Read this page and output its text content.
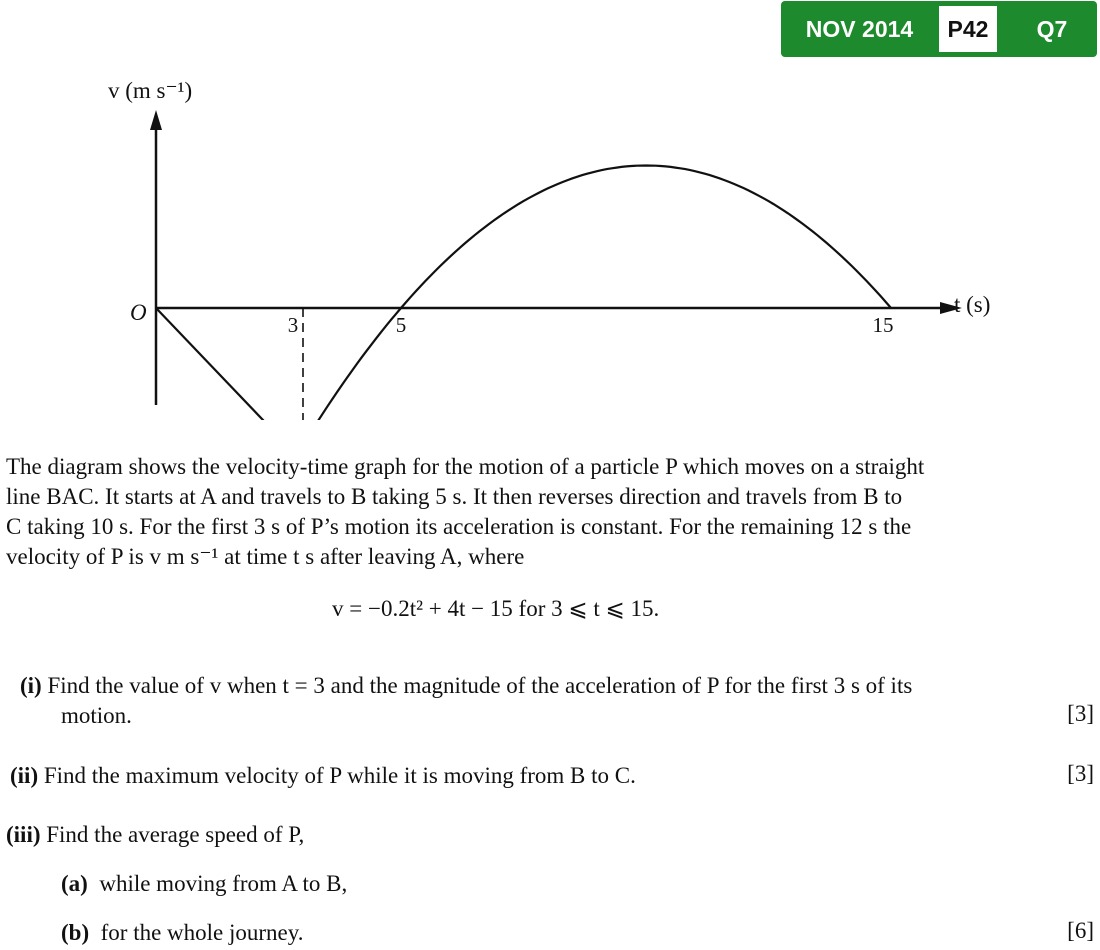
NOV 2014	P42	Q7
v (m s⁻¹)
t (s)
O	3	5	15
The diagram shows the velocity-time graph for the motion of a particle P which moves on a straight
line BAC. It starts at A and travels to B taking 5 s. It then reverses direction and travels from B to
C taking 10 s. For the first 3 s of P’s motion its acceleration is constant. For the remaining 12 s the
velocity of P is v m s⁻¹ at time t s after leaving A, where
v = −0.2t² + 4t − 15 for 3 ⩽ t ⩽ 15.
(i) Find the value of v when t = 3 and the magnitude of the acceleration of P for the first 3 s of its
motion.	[3]
(ii) Find the maximum velocity of P while it is moving from B to C.	[3]
(iii) Find the average speed of P,
(a) while moving from A to B,
(b) for the whole journey.	[6]
